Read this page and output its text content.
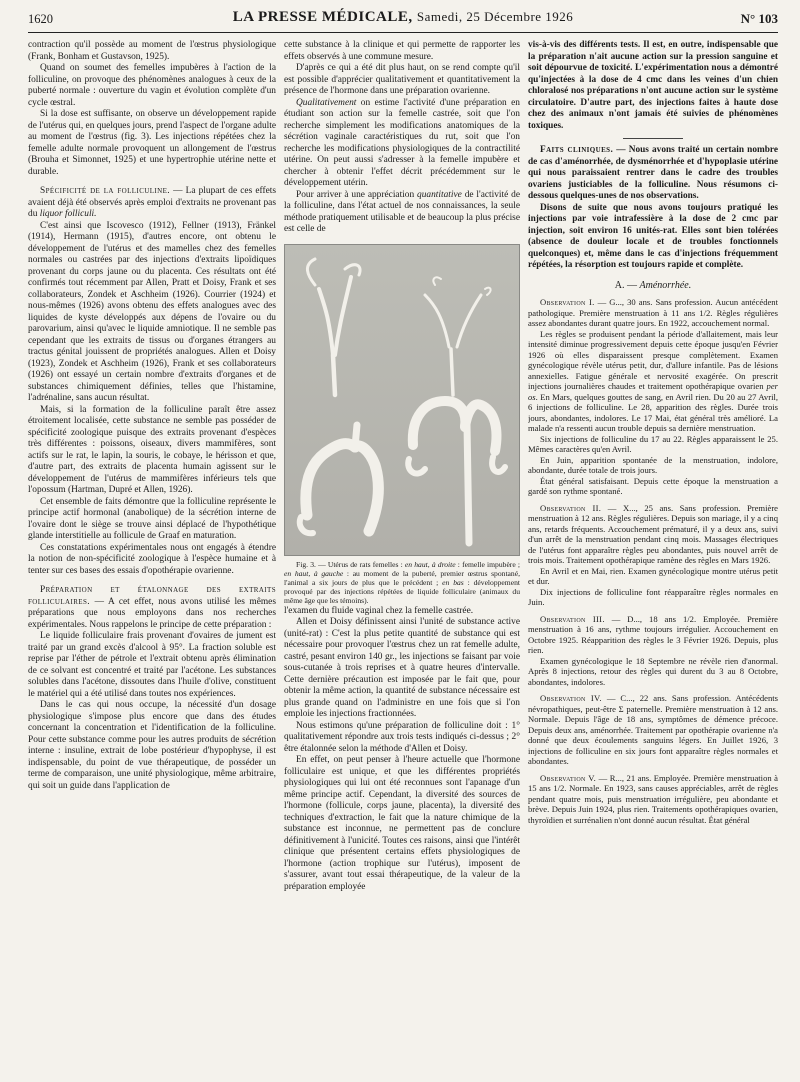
1620	LA PRESSE MÉDICALE, Samedi, 25 Décembre 1926	N° 103

contraction qu'il possède au moment de l'œstrus physiologique (Frank, Bonham et Gustavson, 1925).

Quand on soumet des femelles impubères à l'action de la folliculine, on provoque des phénomènes analogues à ceux de la puberté normale : ouverture du vagin et évolution complète d'un cycle œstral.

Si la dose est suffisante, on observe un développement rapide de l'utérus qui, en quelques jours, prend l'aspect de l'organe adulte au moment de l'œstrus (fig. 3). Les injections répétées chez la femelle adulte normale provoquent un allongement de l'œstrus (Brouha et Simonnet, 1925) et une hypertrophie utérine nette et durable.

Spécificité de la folliculine. — La plupart de ces effets avaient déjà été observés après emploi d'extraits ne provenant pas du liquor folliculi.

C'est ainsi que Iscovesco (1912), Fellner (1913), Fränkel (1914), Hermann (1915), d'autres encore, ont obtenu le développement de l'utérus et des mamelles chez des femelles normales ou castrées par des injections d'extraits lipoïdiques provenant du corps jaune ou du placenta. Ces résultats ont été confirmés tout récemment par Allen, Pratt et Doisy, Frank et ses collaborateurs, Zondek et Aschheim (1926). Courrier (1924) et nous-mêmes (1926) avons obtenu des effets analogues avec des liquides de kyste développés aux dépens de l'ovaire ou du parovarium, ainsi qu'avec le liquide amniotique. Il ne semble pas cependant que les extraits de tissus ou d'organes étrangers au tractus génital jouissent de propriétés analogues. Allen et Doisy (1923), Zondek et Aschheim (1926), Frank et ses collaborateurs (1926) ont essayé un certain nombre d'extraits d'organes et de substances chimiquement définies, telles que l'histamine, l'adrénaline, sans aucun résultat.

Mais, si la formation de la folliculine paraît être assez étroitement localisée, cette substance ne semble pas posséder de spécificité zoologique puisque des extraits provenant d'espèces très différentes : poissons, oiseaux, divers mammifères, sont actifs sur le rat, le lapin, la souris, le cobaye, le hérisson et que, d'autre part, des extraits de placenta humain agissent sur le développement de l'utérus de mammifères inférieurs tels que l'opossum (Hartman, Dupré et Allen, 1926).

Cet ensemble de faits démontre que la folliculine représente le principe actif hormonal (anabolique) de la sécrétion interne de l'ovaire dont le siège se trouve ainsi déplacé de l'hypothétique glande interstitielle au follicule de Graaf en maturation.

Ces constatations expérimentales nous ont engagés à étendre la notion de non-spécificité zoologique à l'espèce humaine et à tenter sur ces bases des essais d'opothérapie ovarienne.

Préparation et étalonnage des extraits folliculaires. — A cet effet, nous avons utilisé les mêmes préparations que nous employons dans nos recherches expérimentales. Nous rappelons le principe de cette préparation :

Le liquide folliculaire frais provenant d'ovaires de jument est traité par un grand excès d'alcool à 95°. La fraction soluble est reprise par l'éther de pétrole et l'extrait obtenu après élimination de ce solvant est concentré et traité par l'acétone. Les substances solubles dans l'acétone, dissoutes dans l'huile d'olive, constituent le matériel qui a été utilisé dans toutes nos expériences.

Dans le cas qui nous occupe, la nécessité d'un dosage physiologique s'impose plus encore que dans des études concernant la concentration et l'identification de la folliculine. Pour cette substance comme pour les autres produits de sécrétion interne : insuline, extrait de lobe postérieur d'hypophyse, il est indispensable, du point de vue thérapeutique, de posséder un terme de comparaison, une unité physiologique, même arbitraire, qui soit un guide dans l'application de

cette substance à la clinique et qui permette de rapporter les effets observés à une commune mesure.

D'après ce qui a été dit plus haut, on se rend compte qu'il est possible d'apprécier qualitativement et quantitativement la présence de l'hormone dans une préparation ovarienne.

Qualitativement on estime l'activité d'une préparation en étudiant son action sur la femelle castrée, soit que l'on recherche simplement les modifications anatomiques de la sécrétion vaginale caractéristiques du rut, soit que l'on recherche les modifications physiologiques de la contractilité utérine. On peut aussi s'adresser à la femelle impubère et chercher à obtenir l'effet décrit précédemment sur le développement utérin.

Pour arriver à une appréciation quantitative de l'activité de la folliculine, dans l'état actuel de nos connaissances, la seule méthode pratiquement utilisable et de beaucoup la plus précise est celle de

Fig. 3. — Utérus de rats femelles : en haut, à droite : femelle impubère ; en haut, à gauche : au moment de la puberté, premier œstrus spontané, l'animal a six jours de plus que le précédent ; en bas : développement provoqué par des injections répétées de liquide folliculaire (animaux du même âge que les témoins).

l'examen du fluide vaginal chez la femelle castrée.

Allen et Doisy définissent ainsi l'unité de substance active (unité-rat) : C'est la plus petite quantité de substance qui est nécessaire pour provoquer l'œstrus chez un rat femelle adulte, castré, pesant environ 140 gr., les injections se faisant par voie sous-cutanée à trois reprises et à quatre heures d'intervalle. Cette dernière précaution est imposée par le fait que, pour obtenir la même action, la quantité de substance nécessaire est plus grande quand on l'administre en une fois que si l'on emploie les injections fractionnées.

Nous estimons qu'une préparation de folliculine doit : 1° qualitativement répondre aux trois tests indiqués ci-dessus ; 2° être étalonnée selon la méthode d'Allen et Doisy.

En effet, on peut penser à l'heure actuelle que l'hormone folliculaire est unique, et que les différentes propriétés physiologiques qui lui ont été reconnues sont l'apanage d'un même principe actif. Cependant, la diversité des sources de l'hormone (follicule, corps jaune, placenta), la diversité des techniques d'extraction, le fait que la nature chimique de la substance est inconnue, ne permettent pas de conclure définitivement à l'unicité. Toutes ces raisons, ainsi que l'intérêt clinique que présentent certains effets physiologiques de l'hormone (action trophique sur l'utérus), imposent de s'assurer, avant tout essai thérapeutique, de la valeur de la préparation employée

vis-à-vis des différents tests. Il est, en outre, indispensable que la préparation n'ait aucune action sur la pression sanguine et soit dépourvue de toxicité. L'expérimentation nous a démontré qu'injectées à la dose de 4 cmc dans les veines d'un chien chloralosé nos préparations n'ont aucune action sur le système circulatoire. D'autre part, des injections faites à haute dose chez des animaux n'ont jamais été suivies de phénomènes toxiques.

Faits cliniques. — Nous avons traité un certain nombre de cas d'aménorrhée, de dysménorrhée et d'hypoplasie utérine qui nous paraissaient rentrer dans le cadre des troubles ovariens justiciables de la folliculine. Nous résumons ci-dessous quelques-unes de nos observations.

Disons de suite que nous avons toujours pratiqué les injections par voie intrafessière à la dose de 2 cmc par injection, soit environ 16 unités-rat. Elles sont bien tolérées (absence de douleur locale et de troubles fonctionnels quelconques) et, même dans le cas d'injections fréquemment répétées, la résorption est toujours rapide et complète.

A. — Aménorrhée.

Observation I. — G..., 30 ans. Sans profession. Aucun antécédent pathologique. Première menstruation à 11 ans 1/2. Règles régulières assez abondantes durant quatre jours. En 1922, accouchement normal.

Les règles se produisent pendant la période d'allaitement, mais leur intensité diminue progressivement depuis cette époque jusqu'en Février 1926 où elles disparaissent presque complètement. Examen gynécologique révèle utérus petit, dur, d'allure infantile. Pas de lésions annexielles. Fatigue générale et nervosité exagérée. On prescrit injections journalières chaudes et traitement opothérapique ovarien per os. En Mars, quelques gouttes de sang, en Avril rien. Du 20 au 27 Avril, 6 injections de folliculine. Le 28, apparition des règles. Durée trois jours, abondantes, indolores. Le 17 Mai, état général très amélioré. La malade n'a ressenti aucun trouble depuis sa dernière menstruation.

Six injections de folliculine du 17 au 22. Règles apparaissent le 25. Mêmes caractères qu'en Avril.

En Juin, apparition spontanée de la menstruation, indolore, abondante, durée totale de trois jours.

État général satisfaisant. Depuis cette époque la menstruation a gardé son rythme spontané.

Observation II. — X..., 25 ans. Sans profession. Première menstruation à 12 ans. Règles régulières. Depuis son mariage, il y a cinq ans, retards fréquents. Accouchement prématuré, il y a deux ans, suivi d'un arrêt de la menstruation pendant cinq mois. Massages électriques de l'utérus font apparaître règles peu abondantes, puis nouvel arrêt de trois mois. Traitement opothérapique ramène des règles en Mars 1926.

En Avril et en Mai, rien. Examen gynécologique montre utérus petit et dur.

Dix injections de folliculine font réapparaître règles normales en Juin.

Observation III. — D..., 18 ans 1/2. Employée. Première menstruation à 16 ans, rythme toujours irrégulier. Accouchement en Octobre 1925. Réapparition des règles le 3 Février 1926. Depuis, plus rien.

Examen gynécologique le 18 Septembre ne révèle rien d'anormal. Après 8 injections, retour des règles qui durent du 3 au 8 Octobre, abondantes, indolores.

Observation IV. — C..., 22 ans. Sans profession. Antécédents névropathiques, peut-être Σ paternelle. Première menstruation à 12 ans. Normale. Depuis l'âge de 18 ans, symptômes de démence précoce. Depuis deux ans, aménorrhée. Traitement par opothérapie ovarienne n'a donné que deux écoulements sanguins légers. En Juillet 1926, 3 injections de folliculine en six jours font apparaître règles normales et abondantes.

Observation V. — R..., 21 ans. Employée. Première menstruation à 15 ans 1/2. Normale. En 1923, sans causes appréciables, arrêt de règles pendant quatre mois, puis menstruation irrégulière, peu abondante et brève. Depuis Juin 1924, plus rien. Traitements opothérapiques ovarien, thyroïdien et surrénalien n'ont donné aucun résultat. État général
